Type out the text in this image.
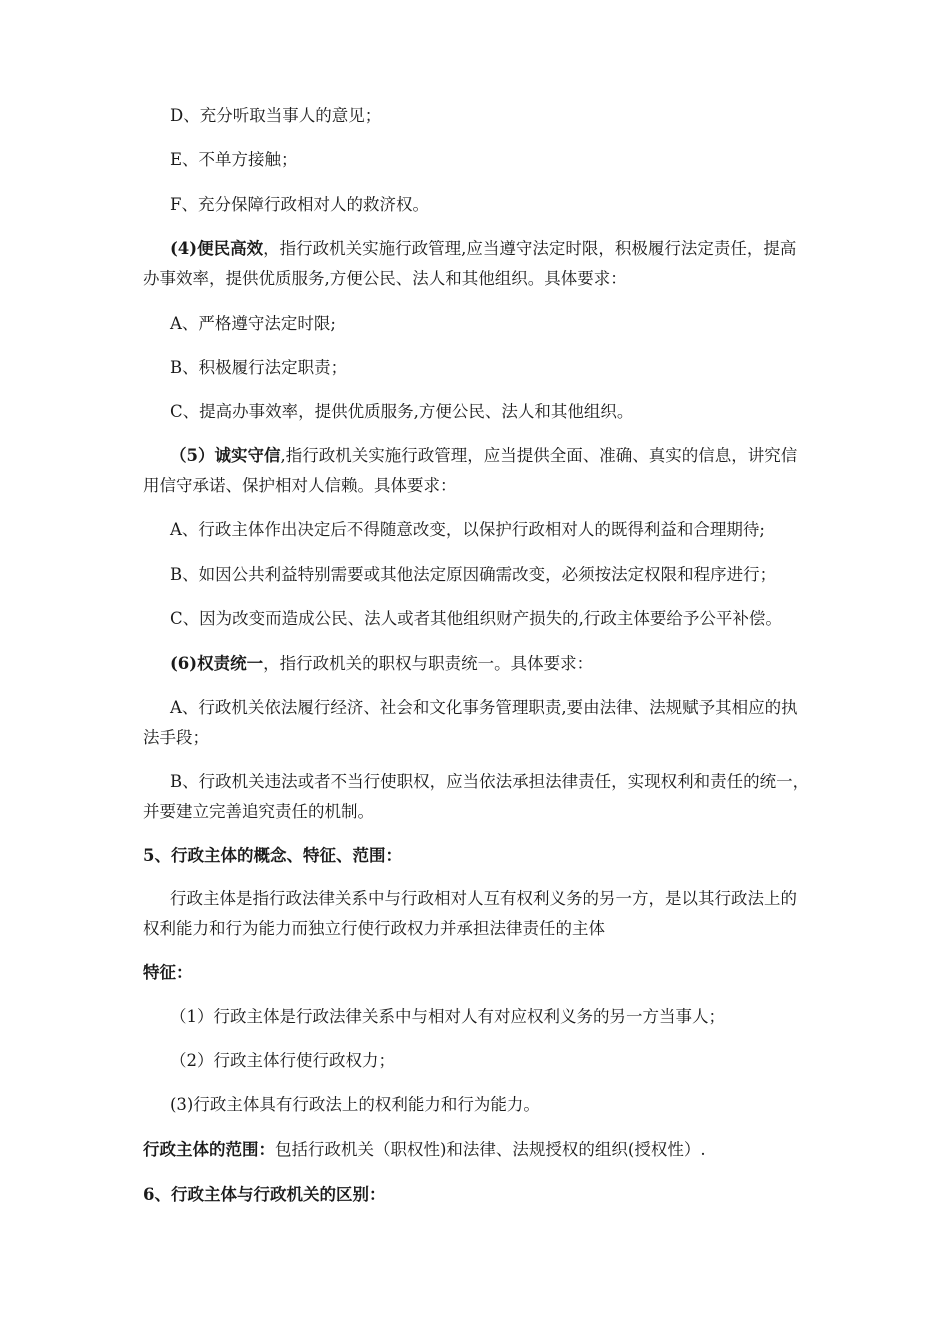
D、充分听取当事人的意见；
E、不单方接触；
F、充分保障行政相对人的救济权。
(4)便民高效，指行政机关实施行政管理,应当遵守法定时限，积极履行法定责任，提高
办事效率，提供优质服务,方便公民、法人和其他组织。具体要求：
A、严格遵守法定时限;
B、积极履行法定职责；
C、提高办事效率，提供优质服务,方便公民、法人和其他组织。
（5）诚实守信,指行政机关实施行政管理，应当提供全面、准确、真实的信息，讲究信
用信守承诺、保护相对人信赖。具体要求：
A、行政主体作出决定后不得随意改变，以保护行政相对人的既得利益和合理期待;
B、如因公共利益特别需要或其他法定原因确需改变，必须按法定权限和程序进行；
C、因为改变而造成公民、法人或者其他组织财产损失的,行政主体要给予公平补偿。
(6)权责统一，指行政机关的职权与职责统一。具体要求：
A、行政机关依法履行经济、社会和文化事务管理职责,要由法律、法规赋予其相应的执
法手段；
B、行政机关违法或者不当行使职权，应当依法承担法律责任，实现权利和责任的统一，
并要建立完善追究责任的机制。
5、行政主体的概念、特征、范围：
行政主体是指行政法律关系中与行政相对人互有权利义务的另一方，是以其行政法上的
权利能力和行为能力而独立行使行政权力并承担法律责任的主体
特征：
（1）行政主体是行政法律关系中与相对人有对应权利义务的另一方当事人；
（2）行政主体行使行政权力；
(3)行政主体具有行政法上的权利能力和行为能力。
行政主体的范围：包括行政机关（职权性)和法律、法规授权的组织(授权性）.
6、行政主体与行政机关的区别：
